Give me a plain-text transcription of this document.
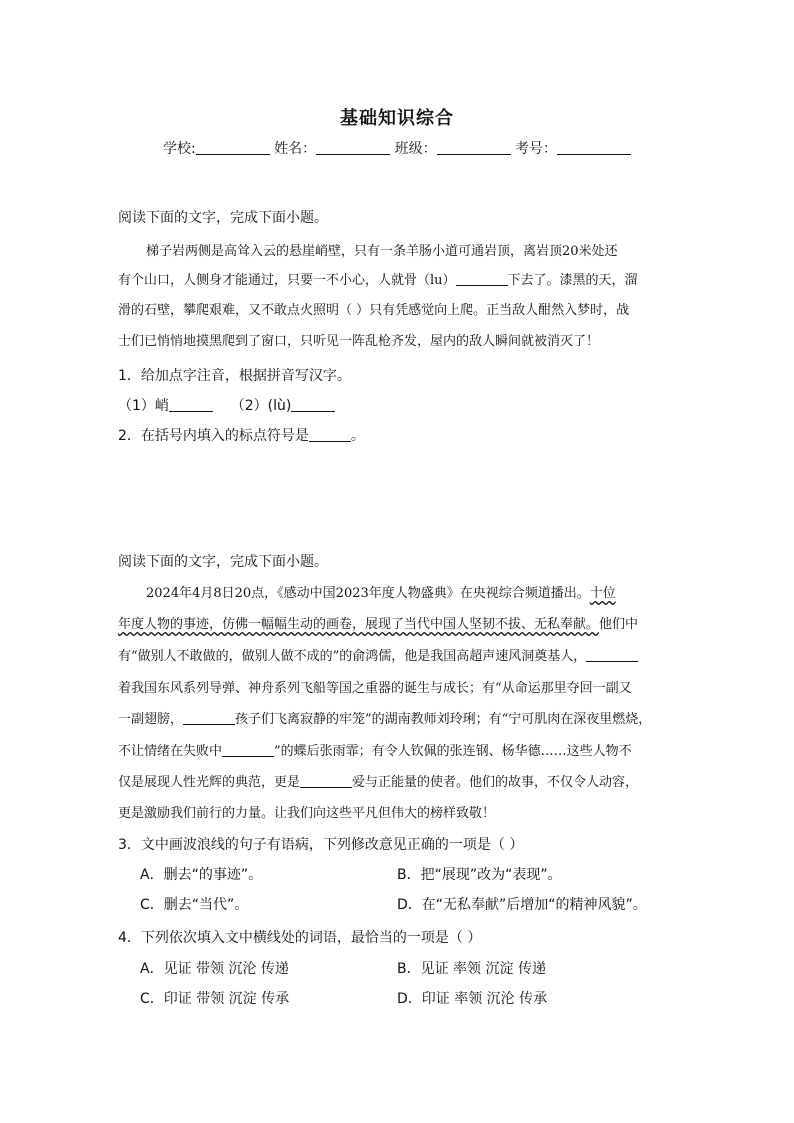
基础知识综合
学校:	姓名：	班级：	考号：
阅读下面的文字，完成下面小题。
梯子岩两侧是高耸入云的悬崖峭壁，只有一条羊肠小道可通岩顶，离岩顶20米处还
有个山口，人侧身才能通过，只要一不小心，人就骨（lu）	下去了。漆黑的天，溜
滑的石壁，攀爬艰难，又不敢点火照明（ ）只有凭感觉向上爬。正当敌人酣然入梦时，战
士们已悄悄地摸黑爬到了窗口，只听见一阵乱枪齐发，屋内的敌人瞬间就被消灭了！
1．给加点字注音，根据拼音写汉字。
（1）峭	（2）(lù)
2．在括号内填入的标点符号是	。
阅读下面的文字，完成下面小题。
2024年4月8日20点，《感动中国2023年度人物盛典》在央视综合频道播出。十位
年度人物的事迹，仿佛一幅幅生动的画卷，展现了当代中国人坚韧不拔、无私奉献。他们中
有“做别人不敢做的，做别人做不成的”的俞鸿儒，他是我国高超声速风洞奠基人，
着我国东风系列导弹、神舟系列飞船等国之重器的诞生与成长；有“从命运那里夺回一副又
一副翅膀，	孩子们飞离寂静的牢笼”的湖南教师刘玲琍；有“宁可肌肉在深夜里燃烧，
不让情绪在失败中	”的蝶后张雨霏；有令人钦佩的张连钢、杨华德……这些人物不
仅是展现人性光辉的典范，更是	爱与正能量的使者。他们的故事，不仅令人动容，
更是激励我们前行的力量。让我们向这些平凡但伟大的榜样致敬！
3．文中画波浪线的句子有语病，下列修改意见正确的一项是（ ）
A．删去“的事迹”。	B．把“展现”改为“表现”。
C．删去“当代”。	D．在“无私奉献”后增加“的精神风貌”。
4．下列依次填入文中横线处的词语，最恰当的一项是（ ）
A．见证 带领 沉沦 传递	B．见证 率领 沉淀 传递
C．印证 带领 沉淀 传承	D．印证 率领 沉沦 传承
